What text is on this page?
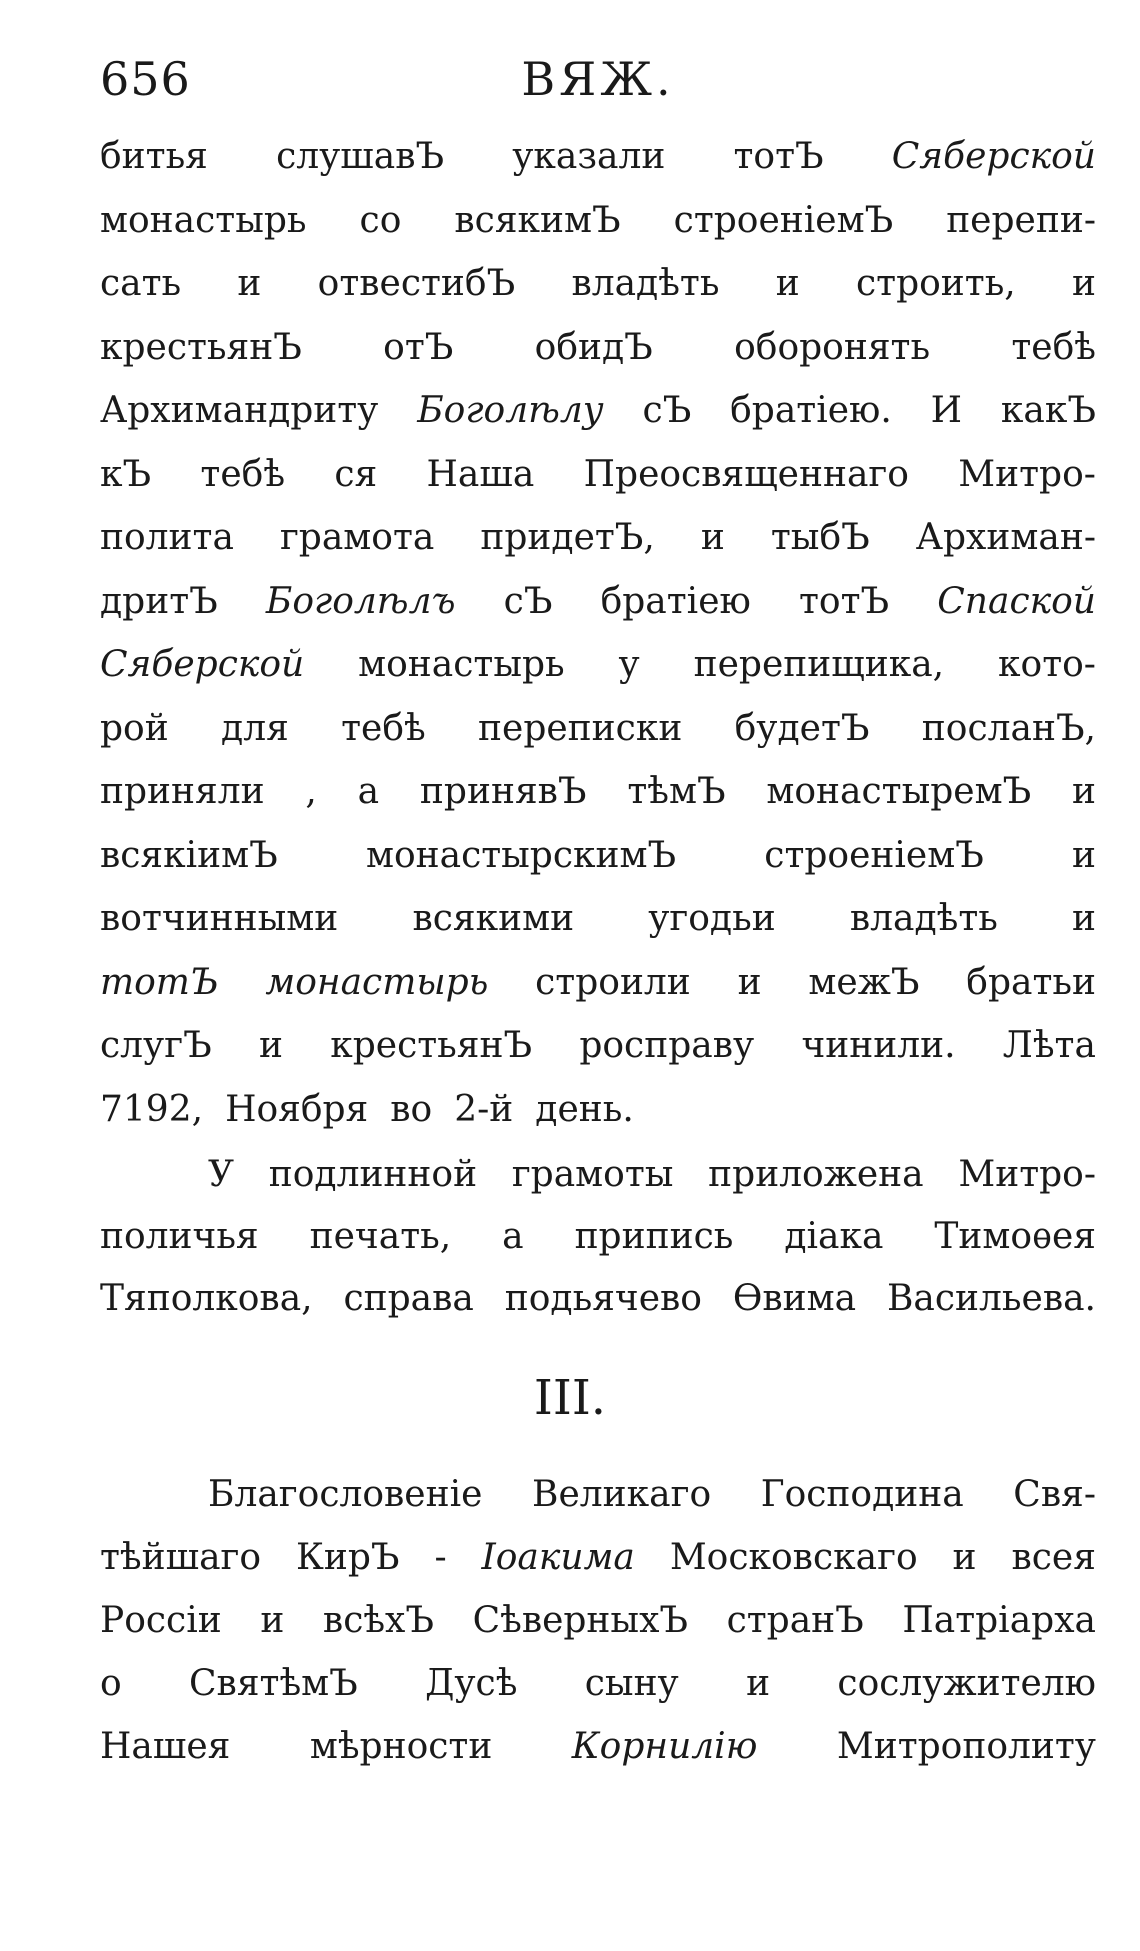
656	ВЯЖ.
битья слушавЪ указали тотЪ Сяберской
монастырь со всякимЪ строенiемЪ перепи-
сать и отвестибЪ владѣть и строить, и
крестьянЪ отЪ обидЪ оборонять тебѣ
Архимандриту Боголѣлу сЪ братiею. И какЪ
кЪ тебѣ ся Наша Преосвященнаго Митро-
полита грамота придетЪ, и тыбЪ Архиман-
дритЪ Боголѣлъ сЪ братiею тотЪ Спаской
Сяберской монастырь у перепищика, кото-
рой для тебѣ переписки будетЪ посланЪ,
приняли , а принявЪ тѣмЪ монастыремЪ и
всякiимЪ монастырскимЪ строенiемЪ и
вотчинными всякими угодьи владѣть и
тотЪ монастырь строили и межЪ братьи
слугЪ и крестьянЪ росправу чинили. Лѣта
7192, Ноября во 2-й день.
У подлинной грамоты приложена Митро-
поличья печать, а припись дiака Тимоѳея
Тяполкова, справа подьячево Ѳвима Васильева.
III.
Благословенiе Великаго Господина Свя-
тѣйшаго КирЪ - Іоакима Московскаго и всея
Россiи и всѣхЪ СѣверныхЪ странЪ Патрiарха
о СвятѣмЪ Дусѣ сыну и сослужителю
Нашея мѣрности Корнилiю Митрополиту
